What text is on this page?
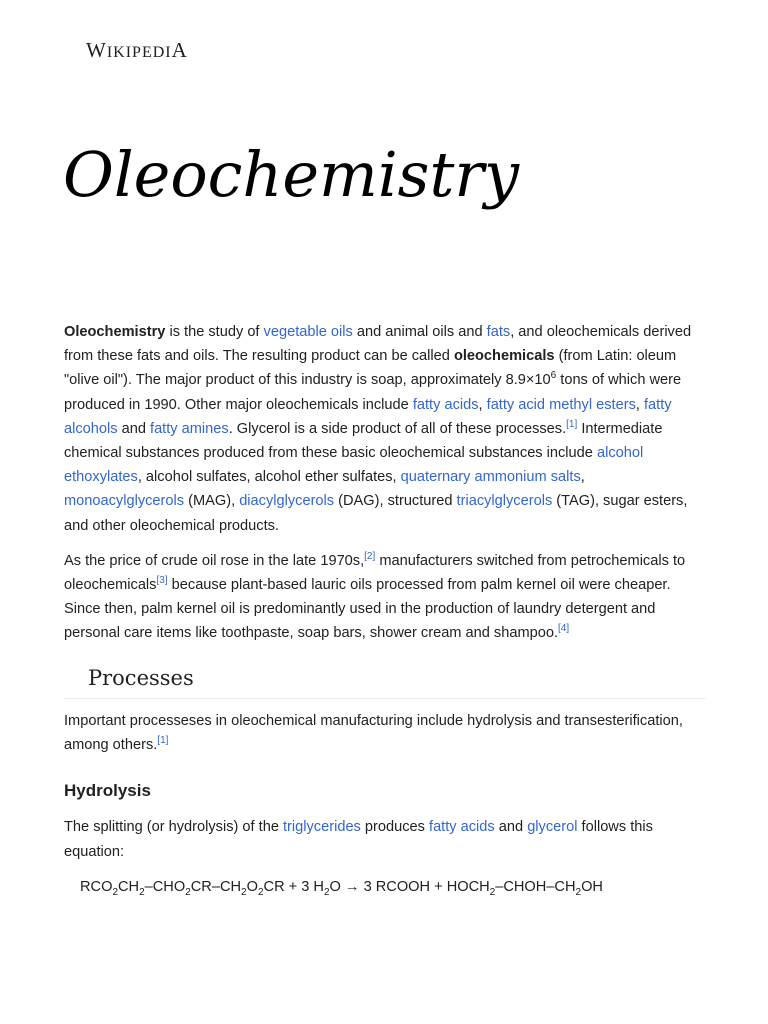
WIKIPEDIA
Oleochemistry

Oleochemistry is the study of vegetable oils and animal oils and fats, and oleochemicals derived from these fats and oils. The resulting product can be called oleochemicals (from Latin: oleum "olive oil"). The major product of this industry is soap, approximately $8.9\times 10^6$ tons of which were produced in 1990. Other major oleochemicals include fatty acids, fatty acid methyl esters, fatty alcohols and fatty amines. Glycerol is a side product of all of these processes.[1] Intermediate chemical substances produced from these basic oleochemical substances include alcohol ethoxylates, alcohol sulfates, alcohol ether sulfates, quaternary ammonium salts, monoacylglycerols (MAG), diacylglycerols (DAG), structured triacylglycerols (TAG), sugar esters, and other oleochemical products.

As the price of crude oil rose in the late 1970s,[2] manufacturers switched from petrochemicals to oleochemicals[3] because plant-based lauric oils processed from palm kernel oil were cheaper. Since then, palm kernel oil is predominantly used in the production of laundry detergent and personal care items like toothpaste, soap bars, shower cream and shampoo.[4]

Processes

Important processeses in oleochemical manufacturing include hydrolysis and transesterification, among others.[1]

Hydrolysis

The splitting (or hydrolysis) of the triglycerides produces fatty acids and glycerol follows this equation:

$RCO_2CH_2-CHO_2CR-CH_2O_2CR + 3$ $H_2O \to 3$ RCOOH + $HOCH_2-CHOH-CH_2OH$
